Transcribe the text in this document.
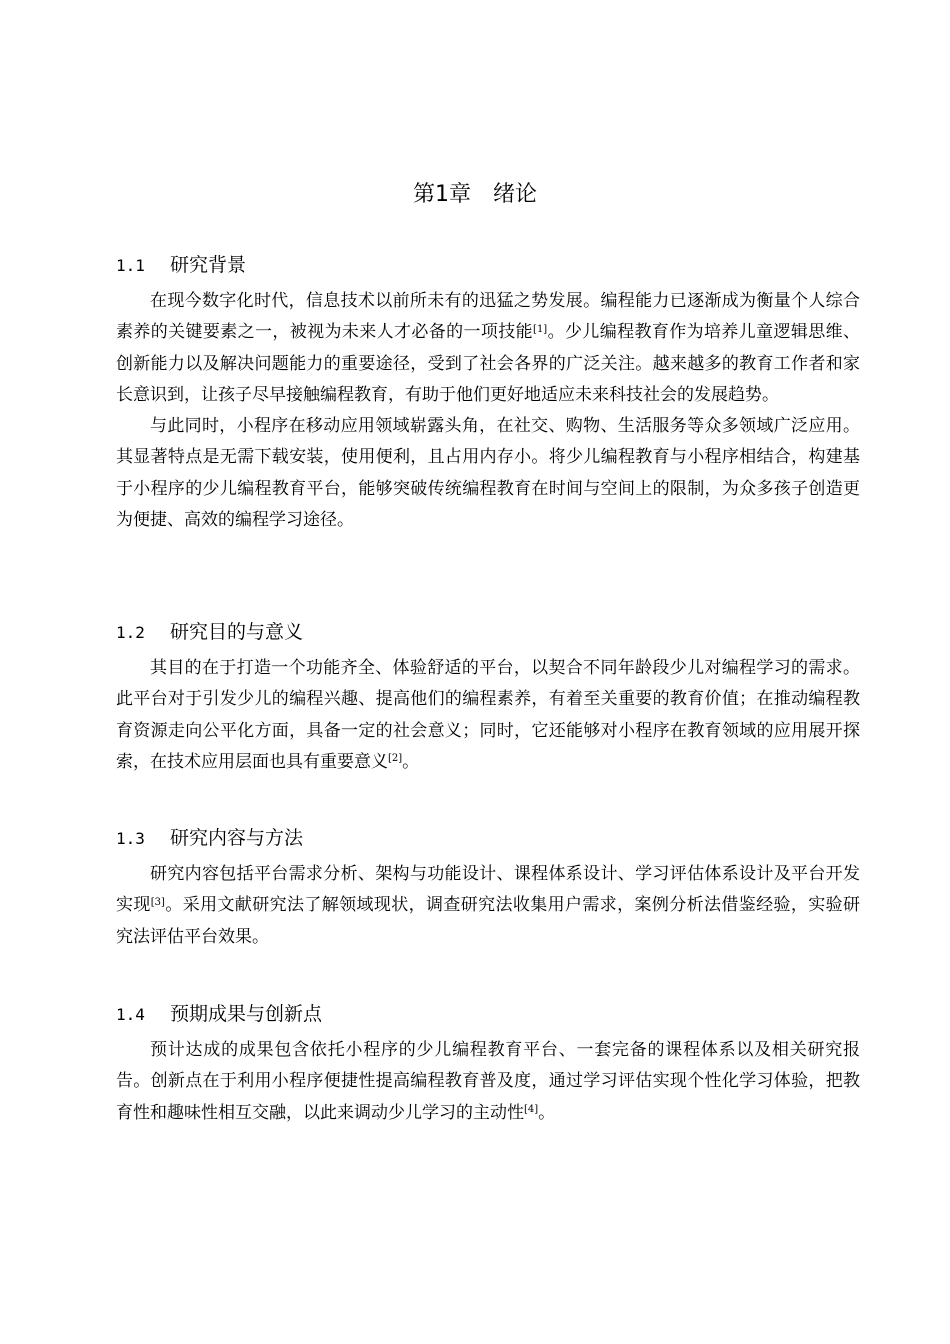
第1章 绪论
1.1 研究背景

在现今数字化时代，信息技术以前所未有的迅猛之势发展。编程能力已逐渐成为衡量个人综合素养的关键要素之一，被视为未来人才必备的一项技能[1]。少儿编程教育作为培养儿童逻辑思维、创新能力以及解决问题能力的重要途径，受到了社会各界的广泛关注。越来越多的教育工作者和家长意识到，让孩子尽早接触编程教育，有助于他们更好地适应未来科技社会的发展趋势。

与此同时，小程序在移动应用领域崭露头角，在社交、购物、生活服务等众多领域广泛应用。其显著特点是无需下载安装，使用便利，且占用内存小。将少儿编程教育与小程序相结合，构建基于小程序的少儿编程教育平台，能够突破传统编程教育在时间与空间上的限制，为众多孩子创造更为便捷、高效的编程学习途径。

1.2 研究目的与意义

其目的在于打造一个功能齐全、体验舒适的平台，以契合不同年龄段少儿对编程学习的需求。此平台对于引发少儿的编程兴趣、提高他们的编程素养，有着至关重要的教育价值；在推动编程教育资源走向公平化方面，具备一定的社会意义；同时，它还能够对小程序在教育领域的应用展开探索，在技术应用层面也具有重要意义[2]。

1.3 研究内容与方法

研究内容包括平台需求分析、架构与功能设计、课程体系设计、学习评估体系设计及平台开发实现[3]。采用文献研究法了解领域现状，调查研究法收集用户需求，案例分析法借鉴经验，实验研究法评估平台效果。

1.4 预期成果与创新点

预计达成的成果包含依托小程序的少儿编程教育平台、一套完备的课程体系以及相关研究报告。创新点在于利用小程序便捷性提高编程教育普及度，通过学习评估实现个性化学习体验，把教育性和趣味性相互交融，以此来调动少儿学习的主动性[4]。
